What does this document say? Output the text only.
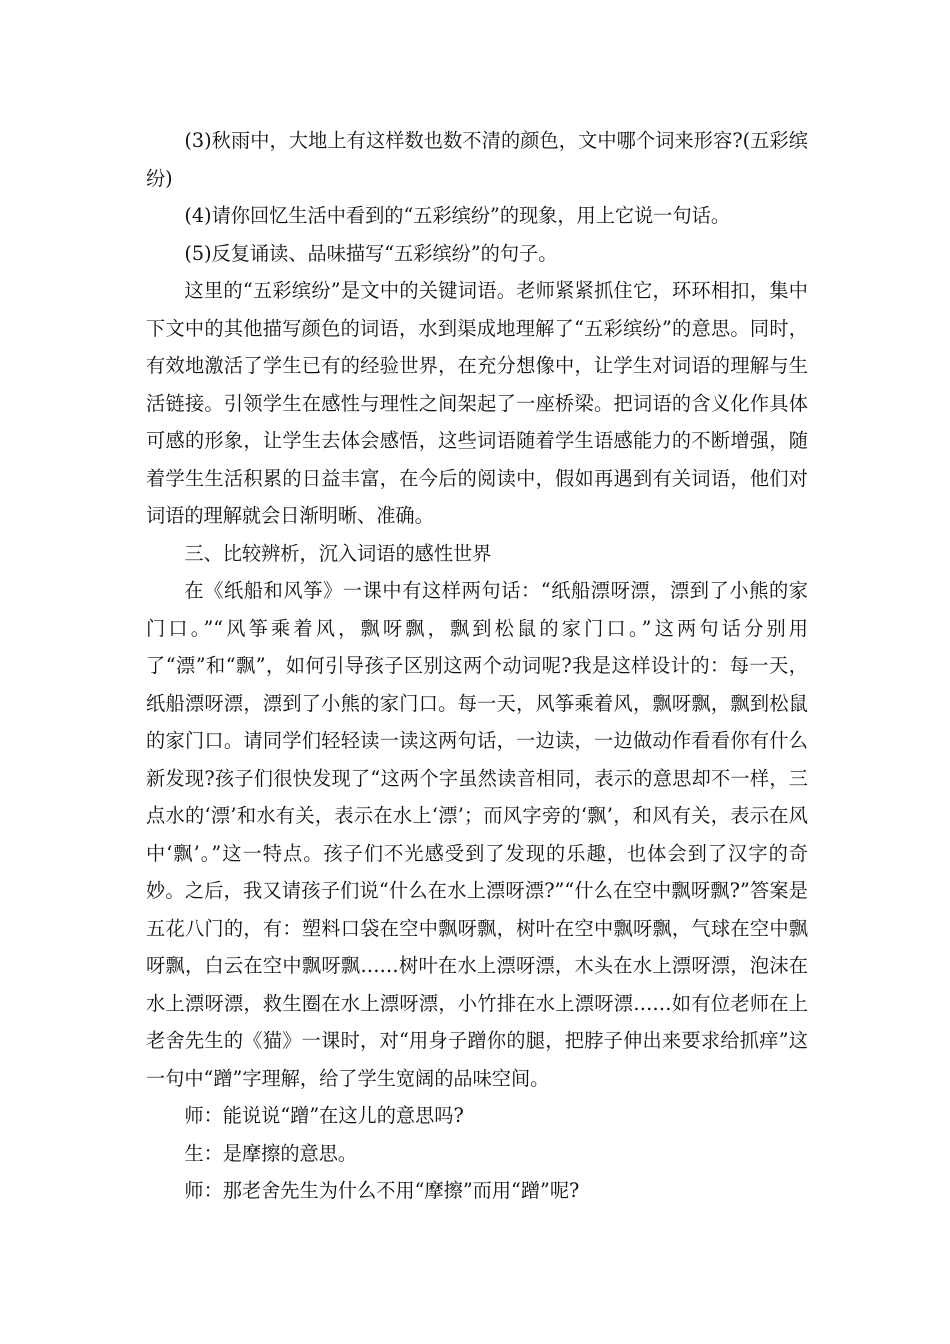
(3)秋雨中，大地上有这样数也数不清的颜色，文中哪个词来形容?(五彩缤纷)

(4)请你回忆生活中看到的“五彩缤纷”的现象，用上它说一句话。

(5)反复诵读、品味描写“五彩缤纷”的句子。

这里的“五彩缤纷”是文中的关键词语。老师紧紧抓住它，环环相扣，集中下文中的其他描写颜色的词语，水到渠成地理解了“五彩缤纷”的意思。同时，有效地激活了学生已有的经验世界，在充分想像中，让学生对词语的理解与生活链接。引领学生在感性与理性之间架起了一座桥梁。把词语的含义化作具体可感的形象，让学生去体会感悟，这些词语随着学生语感能力的不断增强，随着学生生活积累的日益丰富，在今后的阅读中，假如再遇到有关词语，他们对词语的理解就会日渐明晰、准确。

三、比较辨析，沉入词语的感性世界

在《纸船和风筝》一课中有这样两句话：“纸船漂呀漂，漂到了小熊的家门口。”“风筝乘着风，飘呀飘，飘到松鼠的家门口。”这两句话分别用了“漂”和“飘”，如何引导孩子区别这两个动词呢?我是这样设计的：每一天，纸船漂呀漂，漂到了小熊的家门口。每一天，风筝乘着风，飘呀飘，飘到松鼠的家门口。请同学们轻轻读一读这两句话，一边读，一边做动作看看你有什么新发现?孩子们很快发现了“这两个字虽然读音相同，表示的意思却不一样，三点水的‘漂’和水有关，表示在水上‘漂’；而风字旁的‘飘’，和风有关，表示在风中‘飘’。”这一特点。孩子们不光感受到了发现的乐趣，也体会到了汉字的奇妙。之后，我又请孩子们说“什么在水上漂呀漂?”“什么在空中飘呀飘?”答案是五花八门的，有：塑料口袋在空中飘呀飘，树叶在空中飘呀飘，气球在空中飘呀飘，白云在空中飘呀飘……树叶在水上漂呀漂，木头在水上漂呀漂，泡沫在水上漂呀漂，救生圈在水上漂呀漂，小竹排在水上漂呀漂……如有位老师在上老舍先生的《猫》一课时，对“用身子蹭你的腿，把脖子伸出来要求给抓痒”这一句中“蹭”字理解，给了学生宽阔的品味空间。

师：能说说“蹭”在这儿的意思吗?

生：是摩擦的意思。

师：那老舍先生为什么不用“摩擦”而用“蹭”呢?
